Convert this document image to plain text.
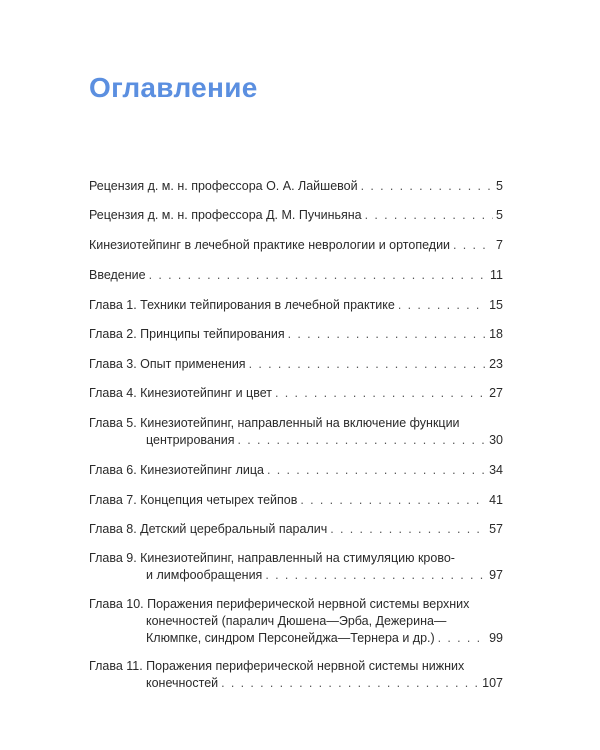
Оглавление
Рецензия д. м. н. профессора О. А. Лайшевой . . .	5
Рецензия д. м. н. профессора Д. М. Пучиньяна . . .	5
Кинезиотейпинг в лечебной практике неврологии и ортопедии . . .	7
Введение . . .	11
Глава 1. Техники тейпирования в лечебной практике . . .	15
Глава 2. Принципы тейпирования . . .	18
Глава 3. Опыт применения . . .	23
Глава 4. Кинезиотейпинг и цвет . . .	27
Глава 5. Кинезиотейпинг, направленный на включение функции
центрирования . . .	30
Глава 6. Кинезиотейпинг лица . . .	34
Глава 7. Концепция четырех тейпов . . .	41
Глава 8. Детский церебральный паралич . . .	57
Глава 9. Кинезиотейпинг, направленный на стимуляцию крово-
и лимфообращения . . .	97
Глава 10. Поражения периферической нервной системы верхних
конечностей (паралич Дюшена—Эрба, Дежерина—
Клюмпке, синдром Персонейджа—Тернера и др.) . . .	99
Глава 11. Поражения периферической нервной системы нижних
конечностей . . .	107
